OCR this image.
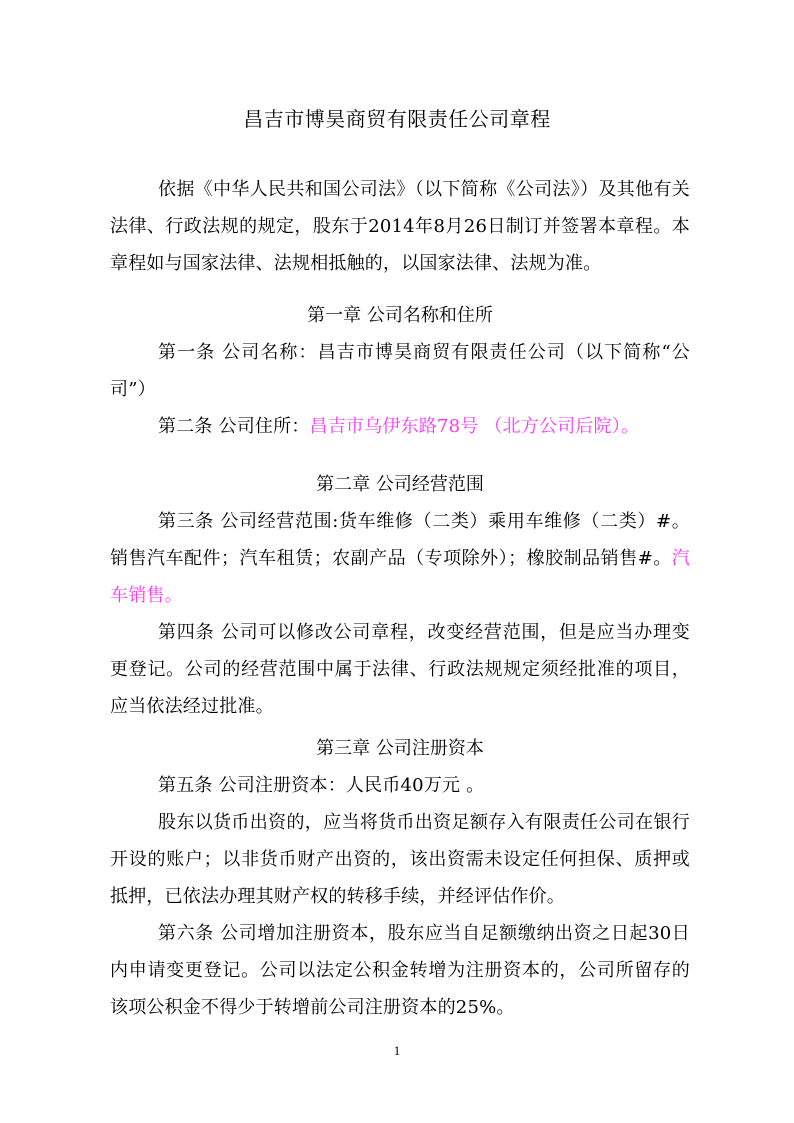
昌吉市博昊商贸有限责任公司章程

依据《中华人民共和国公司法》（以下简称《公司法》）及其他有关法律、行政法规的规定，股东于2014年8月26日制订并签署本章程。本章程如与国家法律、法规相抵触的，以国家法律、法规为准。

第一章 公司名称和住所

第一条 公司名称：昌吉市博昊商贸有限责任公司（以下简称“公司”）

第二条 公司住所：昌吉市乌伊东路78号 （北方公司后院）。

第二章 公司经营范围

第三条 公司经营范围:货车维修（二类）乘用车维修（二类）#。销售汽车配件；汽车租赁；农副产品（专项除外）；橡胶制品销售#。汽车销售。

第四条 公司可以修改公司章程，改变经营范围，但是应当办理变更登记。公司的经营范围中属于法律、行政法规规定须经批准的项目，应当依法经过批准。

第三章 公司注册资本

第五条 公司注册资本：人民币40万元 。

股东以货币出资的，应当将货币出资足额存入有限责任公司在银行开设的账户；以非货币财产出资的，该出资需未设定任何担保、质押或抵押，已依法办理其财产权的转移手续，并经评估作价。

第六条 公司增加注册资本，股东应当自足额缴纳出资之日起30日内申请变更登记。公司以法定公积金转增为注册资本的，公司所留存的该项公积金不得少于转增前公司注册资本的25%。

1
